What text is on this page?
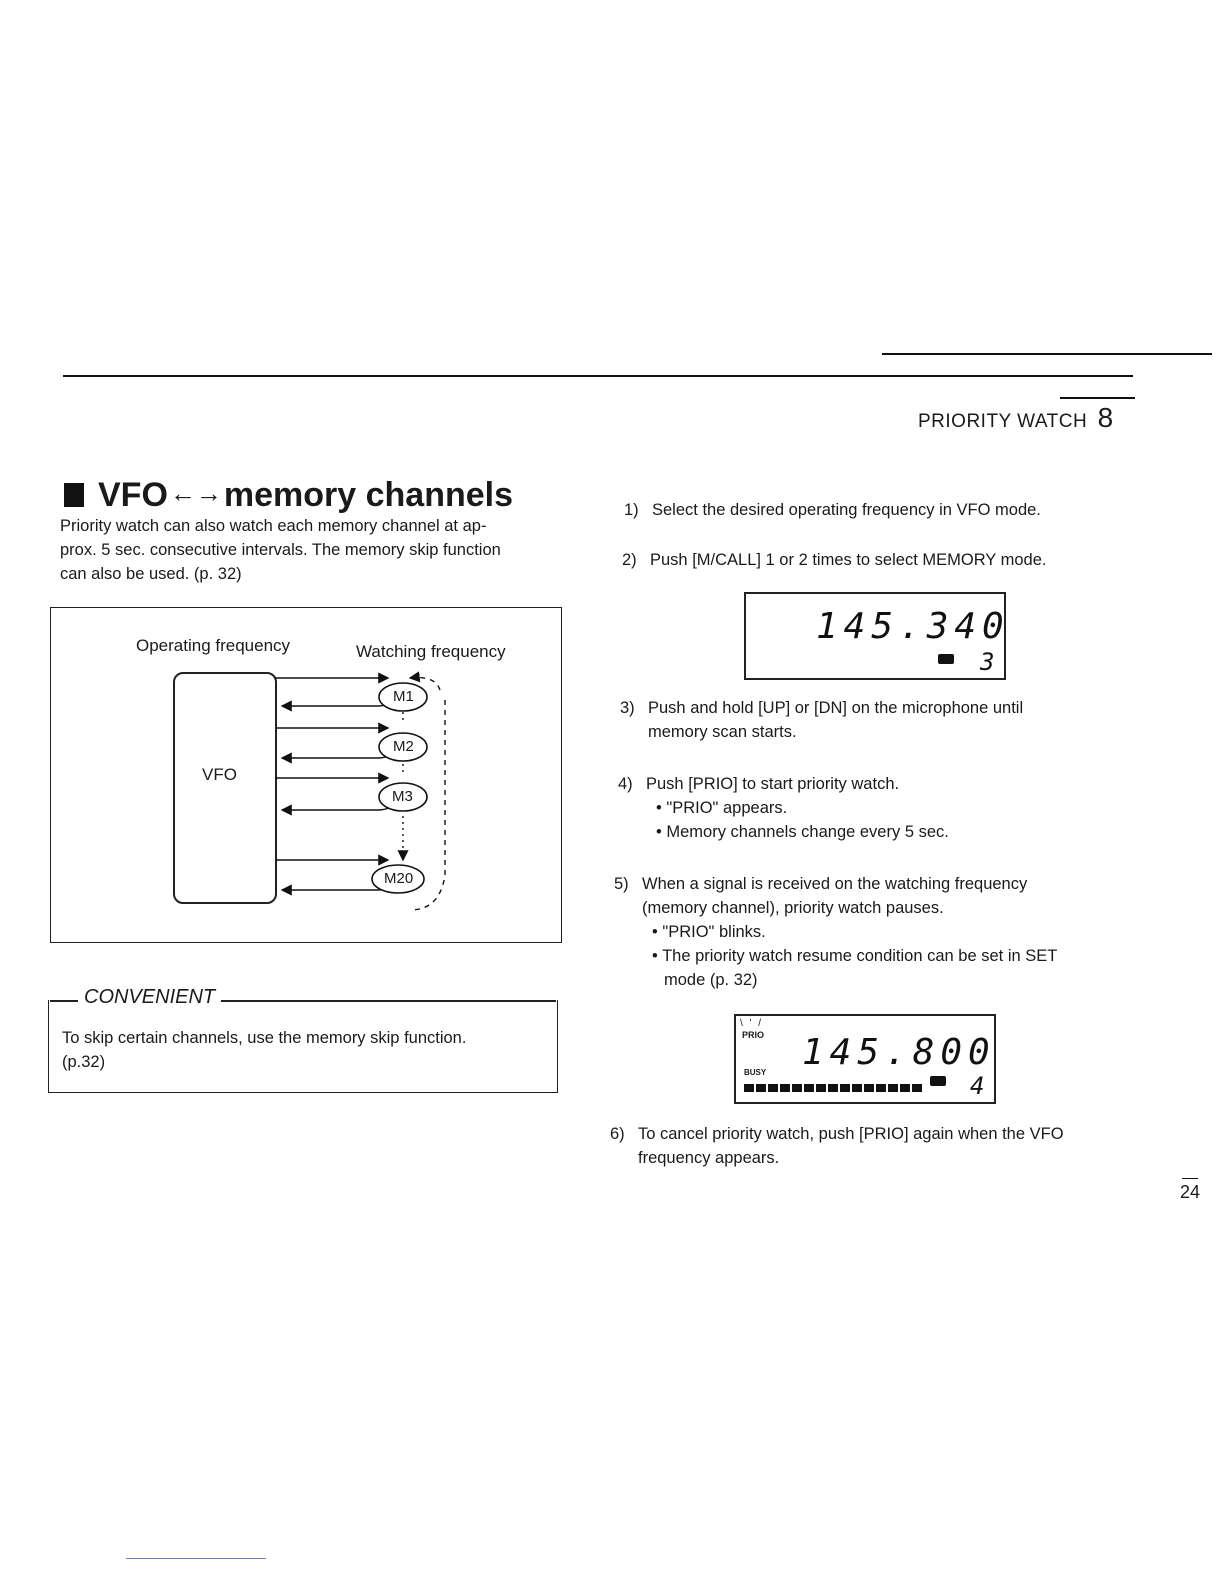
PRIORITY WATCH 8
VFO←→memory channels
Priority watch can also watch each memory channel at ap-
prox. 5 sec. consecutive intervals. The memory skip function
can also be used. (p. 32)
Operating frequency	Watching frequency
VFO
M1
M2
M3
M20
CONVENIENT
To skip certain channels, use the memory skip function.
(p.32)
1) Select the desired operating frequency in VFO mode.
2) Push [M/CALL] 1 or 2 times to select MEMORY mode.
145.340
3
3) Push and hold [UP] or [DN] on the microphone until
memory scan starts.
4) Push [PRIO] to start priority watch.
• "PRIO" appears.
• Memory channels change every 5 sec.
5) When a signal is received on the watching frequency
(memory channel), priority watch pauses.
• "PRIO" blinks.
• The priority watch resume condition can be set in SET
mode (p. 32)
PRIO
\ ' /
BUSY 145.800
4
6) To cancel priority watch, push [PRIO] again when the VFO
frequency appears.
24
